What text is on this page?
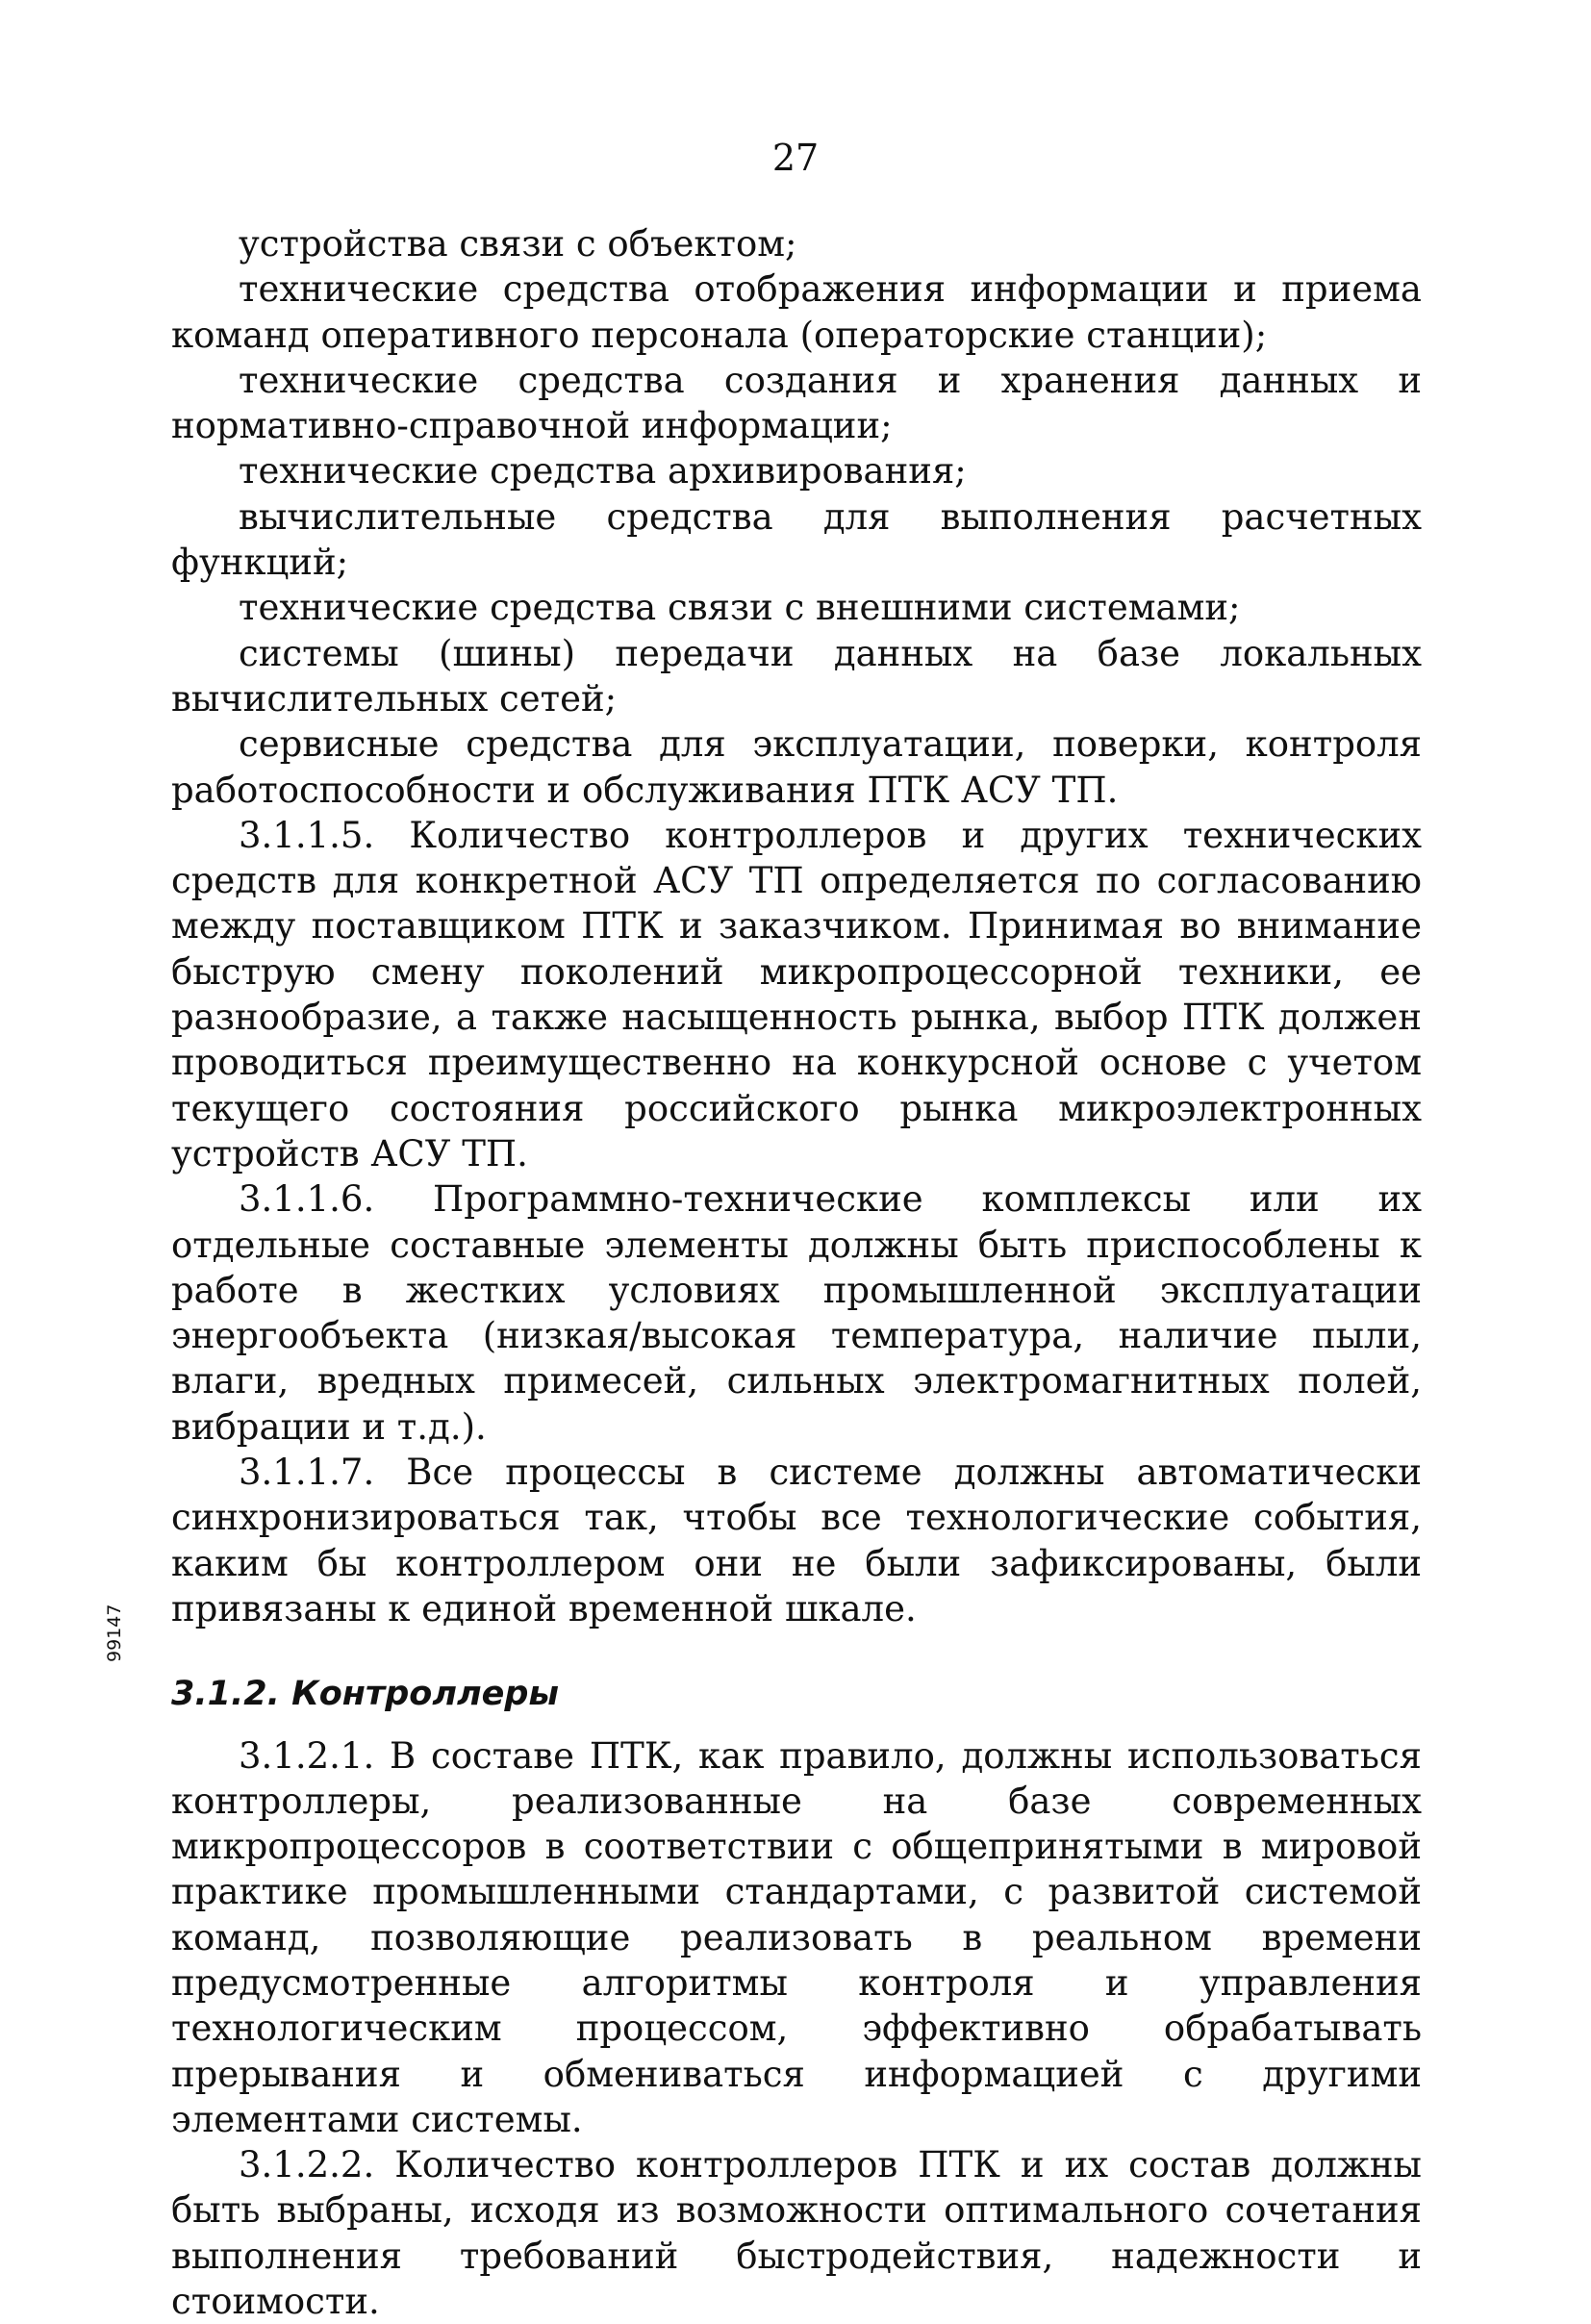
27
99147

устройства связи с объектом;

технические средства отображения информации и приема команд оперативного персонала (операторские станции);

технические средства создания и хранения данных и нормативно-справочной информации;

технические средства архивирования;

вычислительные средства для выполнения расчетных функций;

технические средства связи с внешними системами;

системы (шины) передачи данных на базе локальных вычислительных сетей;

сервисные средства для эксплуатации, поверки, контроля работоспособности и обслуживания ПТК АСУ ТП.

3.1.1.5. Количество контроллеров и других технических средств для конкретной АСУ ТП определяется по согласованию между поставщиком ПТК и заказчиком. Принимая во внимание быструю смену поколений микропроцессорной техники, ее разнообразие, а также насыщенность рынка, выбор ПТК должен проводиться преимущественно на конкурсной основе с учетом текущего состояния российского рынка микроэлектронных устройств АСУ ТП.

3.1.1.6. Программно-технические комплексы или их отдельные составные элементы должны быть приспособлены к работе в жестких условиях промышленной эксплуатации энергообъекта (низкая/высокая температура, наличие пыли, влаги, вредных примесей, сильных электромагнитных полей, вибрации и т.д.).

3.1.1.7. Все процессы в системе должны автоматически синхронизироваться так, чтобы все технологические события, каким бы контроллером они не были зафиксированы, были привязаны к единой временной шкале.

3.1.2. Контроллеры

3.1.2.1. В составе ПТК, как правило, должны использоваться контроллеры, реализованные на базе современных микропроцессоров в соответствии с общепринятыми в мировой практике промышленными стандартами, с развитой системой команд, позволяющие реализовать в реальном времени предусмотренные алгоритмы контроля и управления технологическим процессом, эффективно обрабатывать прерывания и обмениваться информацией с другими элементами системы.

3.1.2.2. Количество контроллеров ПТК и их состав должны быть выбраны, исходя из возможности оптимального сочетания выполнения требований быстродействия, надежности и стоимости.
